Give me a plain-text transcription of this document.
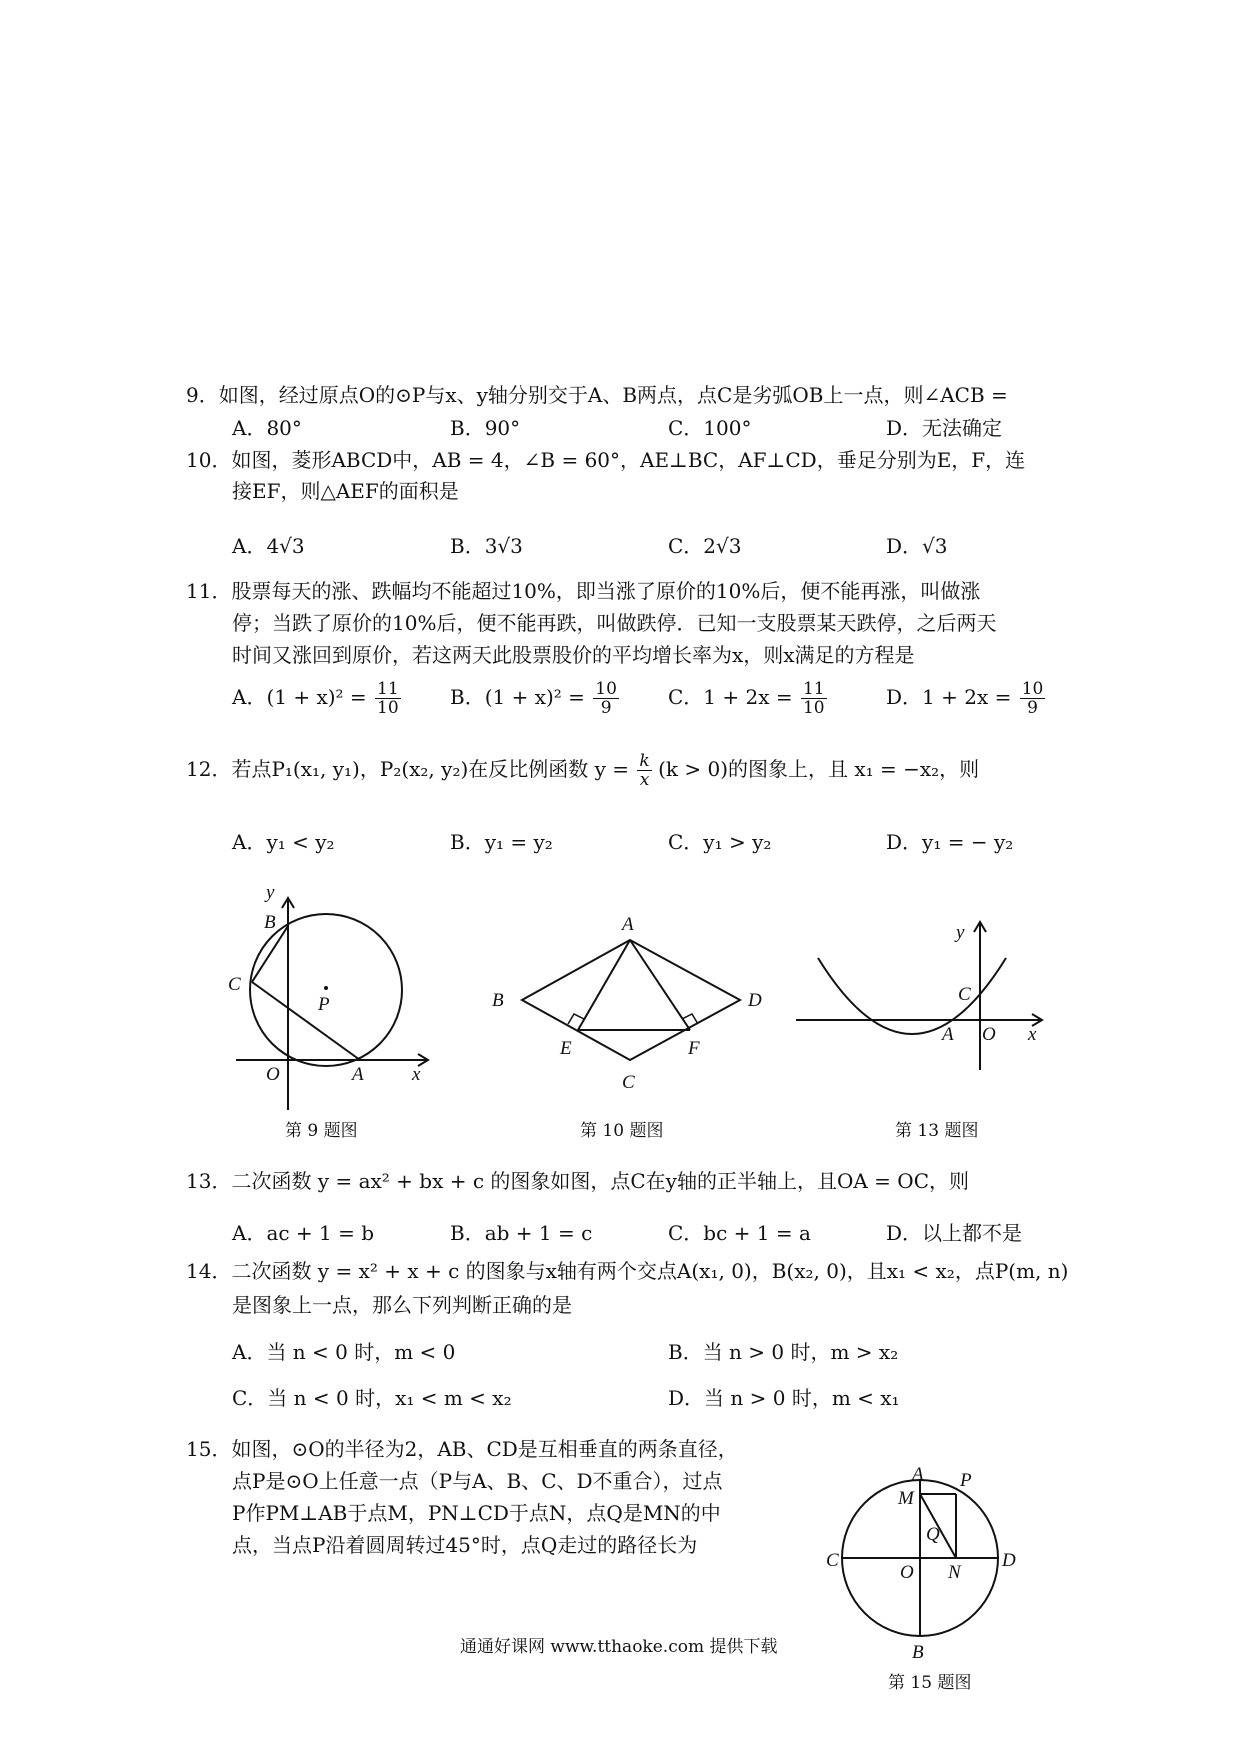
9．如图，经过原点O的⊙P与x、y轴分别交于A、B两点，点C是劣弧OB上一点，则∠ACB =
A．80°	B．90°	C．100°	D．无法确定
10．如图，菱形ABCD中，AB = 4，∠B = 60°，AE⊥BC，AF⊥CD，垂足分别为E，F，连
接EF，则△AEF的面积是
A．4√3	B．3√3	C．2√3	D．√3
11．股票每天的涨、跌幅均不能超过10%，即当涨了原价的10%后，便不能再涨，叫做涨
停；当跌了原价的10%后，便不能再跌，叫做跌停．已知一支股票某天跌停，之后两天
时间又涨回到原价，若这两天此股票股价的平均增长率为x，则x满足的方程是
A．$(1 + x)^2 = \frac{11}{10}$ B．$(1 + x)^2 = \frac{10}{9}$ C．$1 + 2x = \frac{11}{10}$	D．$1 + 2x = \frac{10}{9}$
12．若点P₁(x₁, y₁)，P₂(x₂, y₂)在反比例函数 $y = \frac{k}{x} (k > 0)$的图象上，且 x₁ = −x₂，则
A．y₁ < y₂	B．y₁ = y₂	C．y₁ > y₂	D．y₁ = − y₂
y
B
C
P
O	A	x
第 9 题图
A
B	D
E	F
C
第 10 题图
y
C
A O x
第 13 题图
13．二次函数 y = ax² + bx + c 的图象如图，点C在y轴的正半轴上，且OA = OC，则
A．ac + 1 = b	B．ab + 1 = c	C．bc + 1 = a	D．以上都不是
14．二次函数 y = x² + x + c 的图象与x轴有两个交点A(x₁, 0)，B(x₂, 0)，且x₁ < x₂，点P(m, n)
是图象上一点，那么下列判断正确的是
A．当 n < 0 时，m < 0	B．当 n > 0 时，m > x₂
C．当 n < 0 时，x₁ < m < x₂	D．当 n > 0 时，m < x₁
15．如图，⊙O的半径为2，AB、CD是互相垂直的两条直径，
点P是⊙O上任意一点（P与A、B、C、D不重合），过点
P作PM⊥AB于点M，PN⊥CD于点N，点Q是MN的中
点，当点P沿着圆周转过45°时，点Q走过的路径长为
A P
M
Q
C
O N
D
B
第 15 题图
通通好课网 www.tthaoke.com 提供下载
